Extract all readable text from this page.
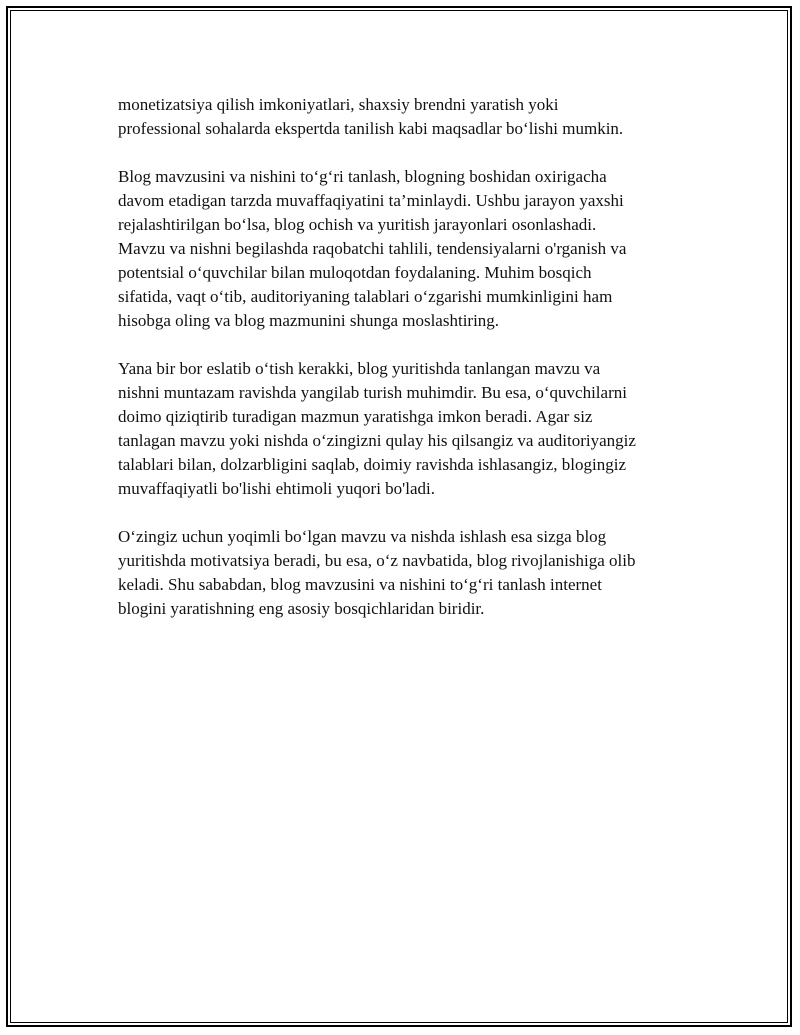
monetizatsiya qilish imkoniyatlari, shaxsiy brendni yaratish yoki
professional sohalarda ekspertda tanilish kabi maqsadlar bo‘lishi mumkin.

Blog mavzusini va nishini to‘g‘ri tanlash, blogning boshidan oxirigacha
davom etadigan tarzda muvaffaqiyatini ta’minlaydi. Ushbu jarayon yaxshi
rejalashtirilgan bo‘lsa, blog ochish va yuritish jarayonlari osonlashadi.
Mavzu va nishni begilashda raqobatchi tahlili, tendensiyalarni o'rganish va
potentsial o‘quvchilar bilan muloqotdan foydalaning. Muhim bosqich
sifatida, vaqt o‘tib, auditoriyaning talablari o‘zgarishi mumkinligini ham
hisobga oling va blog mazmunini shunga moslashtiring.

Yana bir bor eslatib o‘tish kerakki, blog yuritishda tanlangan mavzu va
nishni muntazam ravishda yangilab turish muhimdir. Bu esa, o‘quvchilarni
doimo qiziqtirib turadigan mazmun yaratishga imkon beradi. Agar siz
tanlagan mavzu yoki nishda o‘zingizni qulay his qilsangiz va auditoriyangiz
talablari bilan, dolzarbligini saqlab, doimiy ravishda ishlasangiz, blogingiz
muvaffaqiyatli bo'lishi ehtimoli yuqori bo'ladi.

O‘zingiz uchun yoqimli bo‘lgan mavzu va nishda ishlash esa sizga blog
yuritishda motivatsiya beradi, bu esa, o‘z navbatida, blog rivojlanishiga olib
keladi. Shu sababdan, blog mavzusini va nishini to‘g‘ri tanlash internet
blogini yaratishning eng asosiy bosqichlaridan biridir.
